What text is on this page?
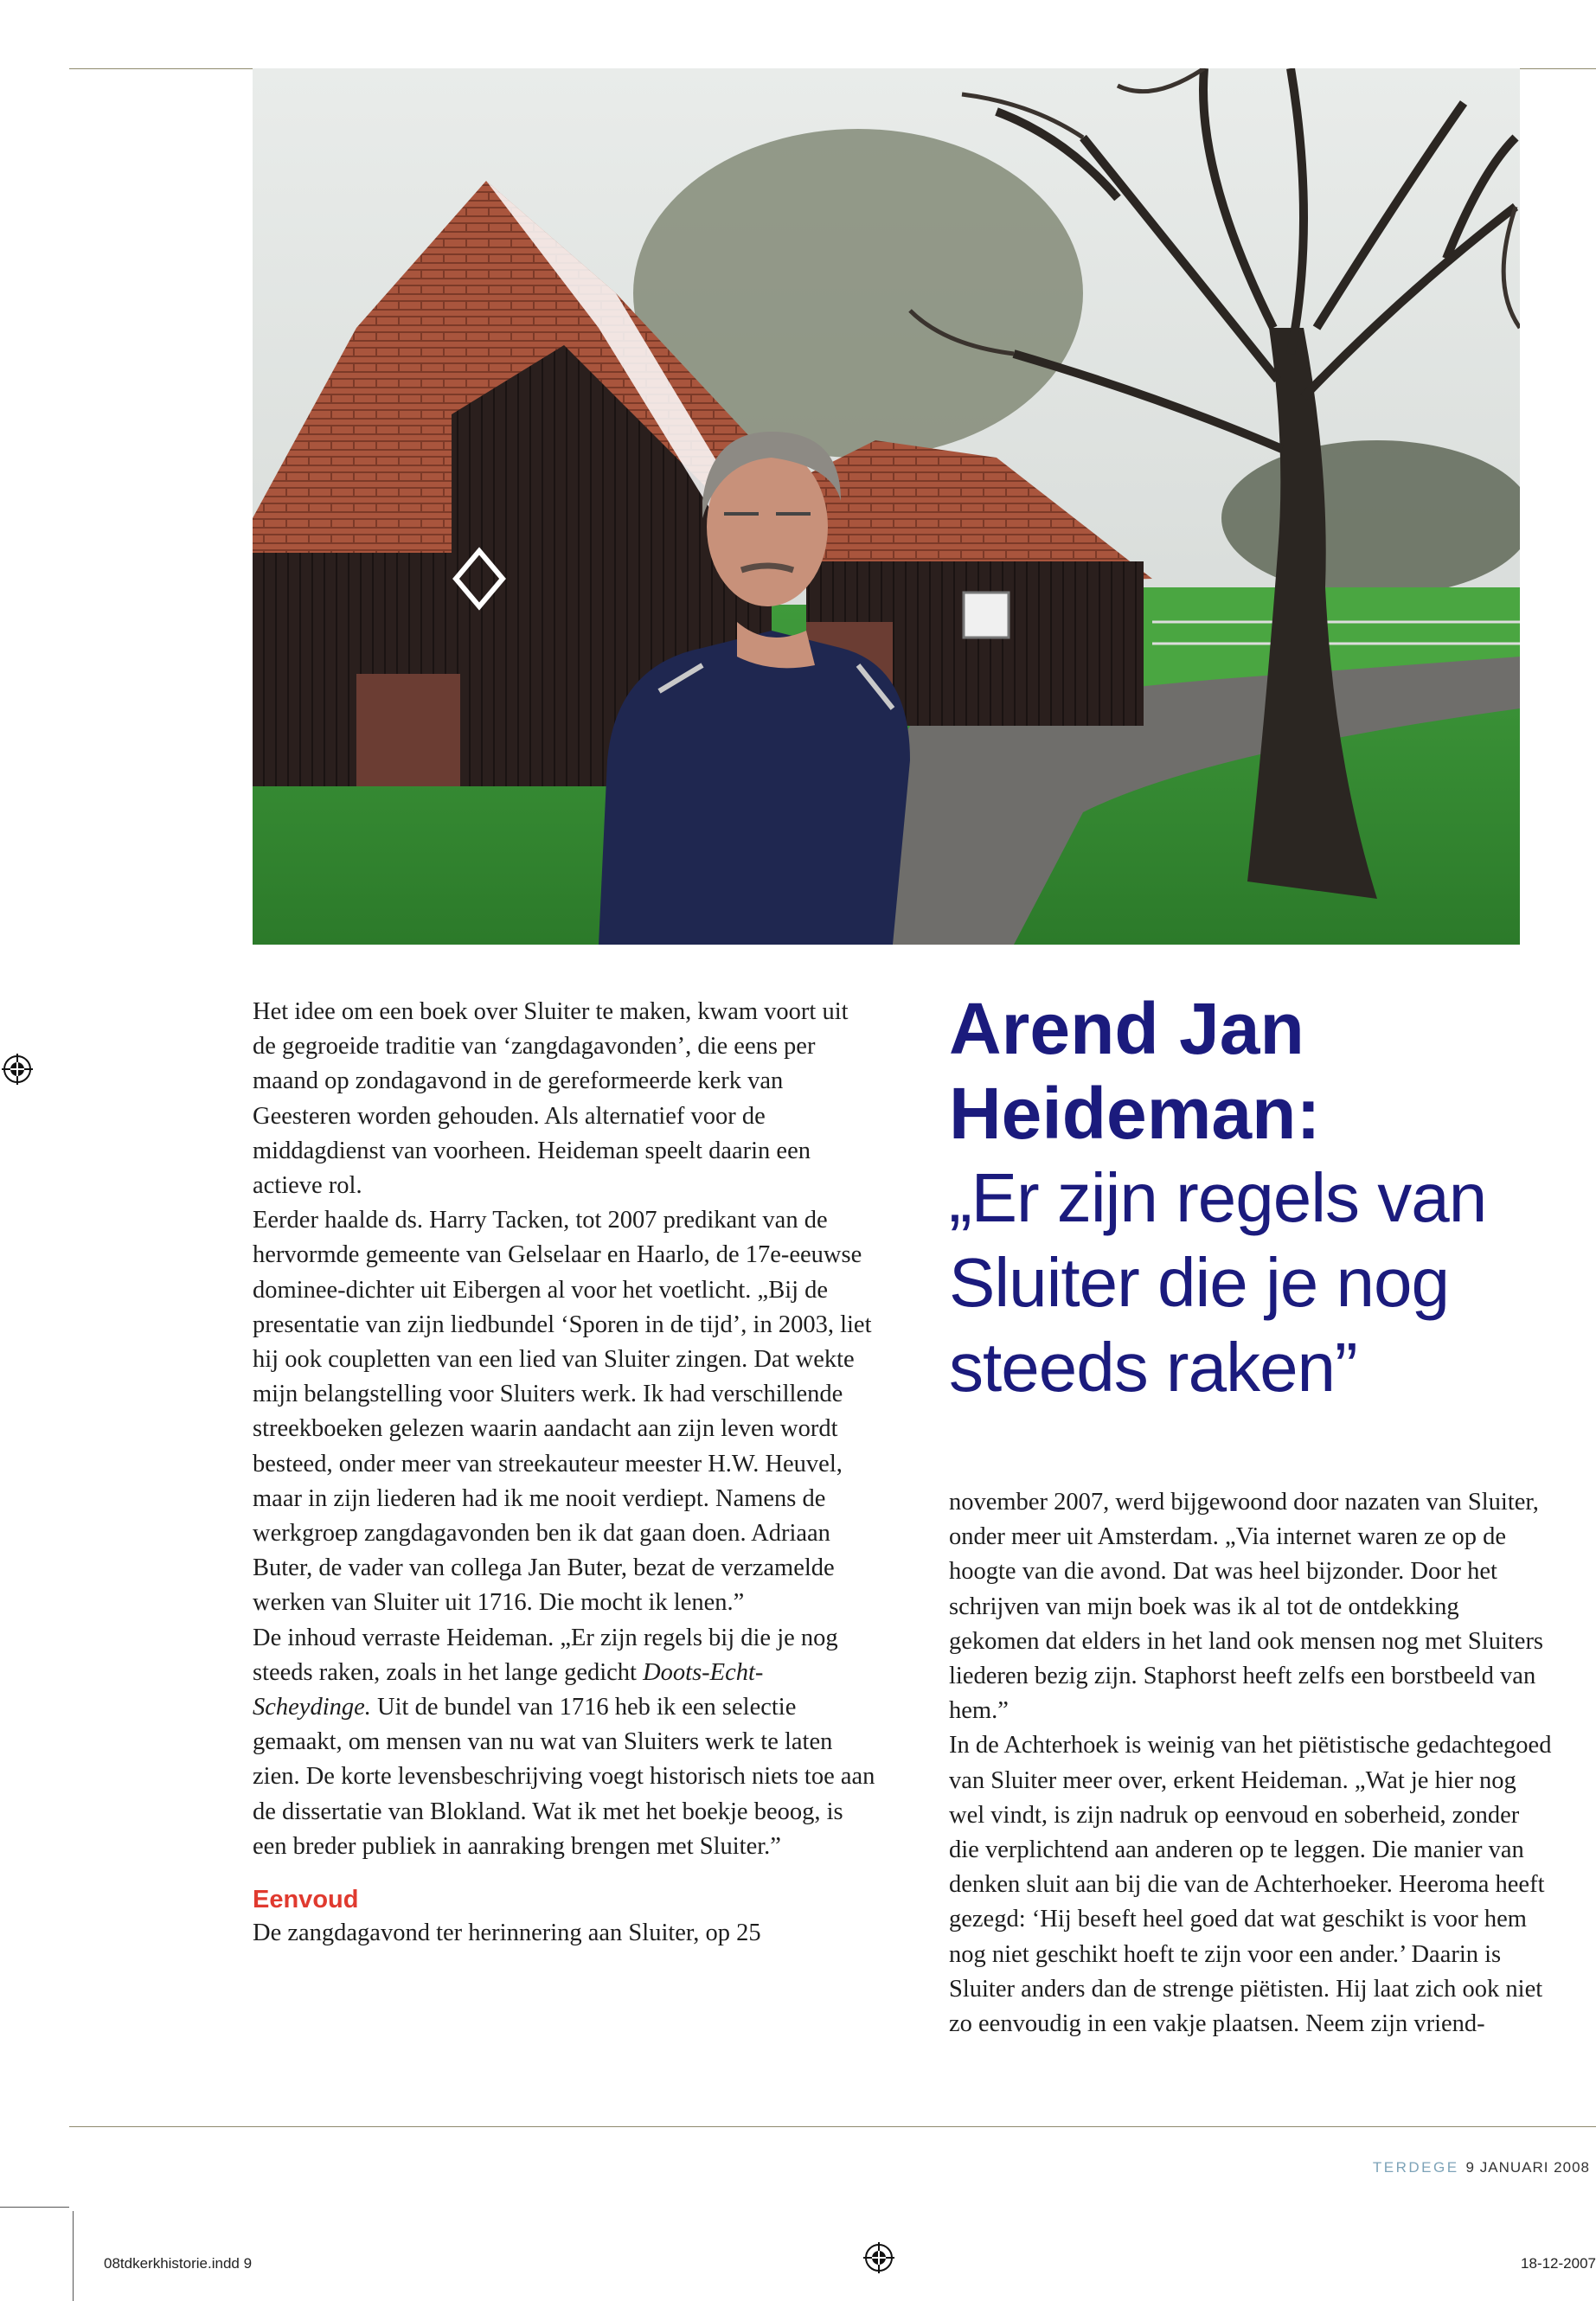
Het idee om een boek over Sluiter te maken, kwam voort uit de gegroeide traditie van ‘zangdagavonden’, die eens per maand op zondagavond in de gereformeerde kerk van Geesteren worden gehouden. Als alternatief voor de middagdienst van voorheen. Heideman speelt daarin een actieve rol.

Eerder haalde ds. Harry Tacken, tot 2007 predikant van de hervormde gemeente van Gelselaar en Haarlo, de 17e-eeuwse dominee-dichter uit Eibergen al voor het voetlicht. „Bij de presentatie van zijn liedbundel ‘Sporen in de tijd’, in 2003, liet hij ook coupletten van een lied van Sluiter zingen. Dat wekte mijn belangstelling voor Sluiters werk. Ik had verschillende streekboeken gelezen waarin aandacht aan zijn leven wordt besteed, onder meer van streekauteur meester H.W. Heuvel, maar in zijn liederen had ik me nooit verdiept. Namens de werkgroep zangdagavonden ben ik dat gaan doen. Adriaan Buter, de vader van collega Jan Buter, bezat de verzamelde werken van Sluiter uit 1716. Die mocht ik lenen.”

De inhoud verraste Heideman. „Er zijn regels bij die je nog steeds raken, zoals in het lange gedicht Doots-Echt-Scheydinge. Uit de bundel van 1716 heb ik een selectie gemaakt, om mensen van nu wat van Sluiters werk te laten zien. De korte levensbeschrijving voegt historisch niets toe aan de dissertatie van Blokland. Wat ik met het boekje beoog, is een breder publiek in aanraking brengen met Sluiter.”

Eenvoud

De zangdagavond ter herinnering aan Sluiter, op 25

Arend Jan
Heideman:

„Er zijn regels van
Sluiter die je nog
steeds raken”

november 2007, werd bijgewoond door nazaten van Sluiter, onder meer uit Amsterdam. „Via internet waren ze op de hoogte van die avond. Dat was heel bijzonder. Door het schrijven van mijn boek was ik al tot de ontdekking gekomen dat elders in het land ook mensen nog met Sluiters liederen bezig zijn. Staphorst heeft zelfs een borstbeeld van hem.”

In de Achterhoek is weinig van het piëtistische gedachtegoed van Sluiter meer over, erkent Heideman. „Wat je hier nog wel vindt, is zijn nadruk op eenvoud en soberheid, zonder die verplichtend aan anderen op te leggen. Die manier van denken sluit aan bij die van de Achterhoeker. Heeroma heeft gezegd: ‘Hij beseft heel goed dat wat geschikt is voor hem nog niet geschikt hoeft te zijn voor een ander.’ Daarin is Sluiter anders dan de strenge piëtisten. Hij laat zich ook niet zo eenvoudig in een vakje plaatsen. Neem zijn vriend-

TERDEGE 9 JANUARI 2008
08tdkerkhistorie.indd 9	18-12-2007
